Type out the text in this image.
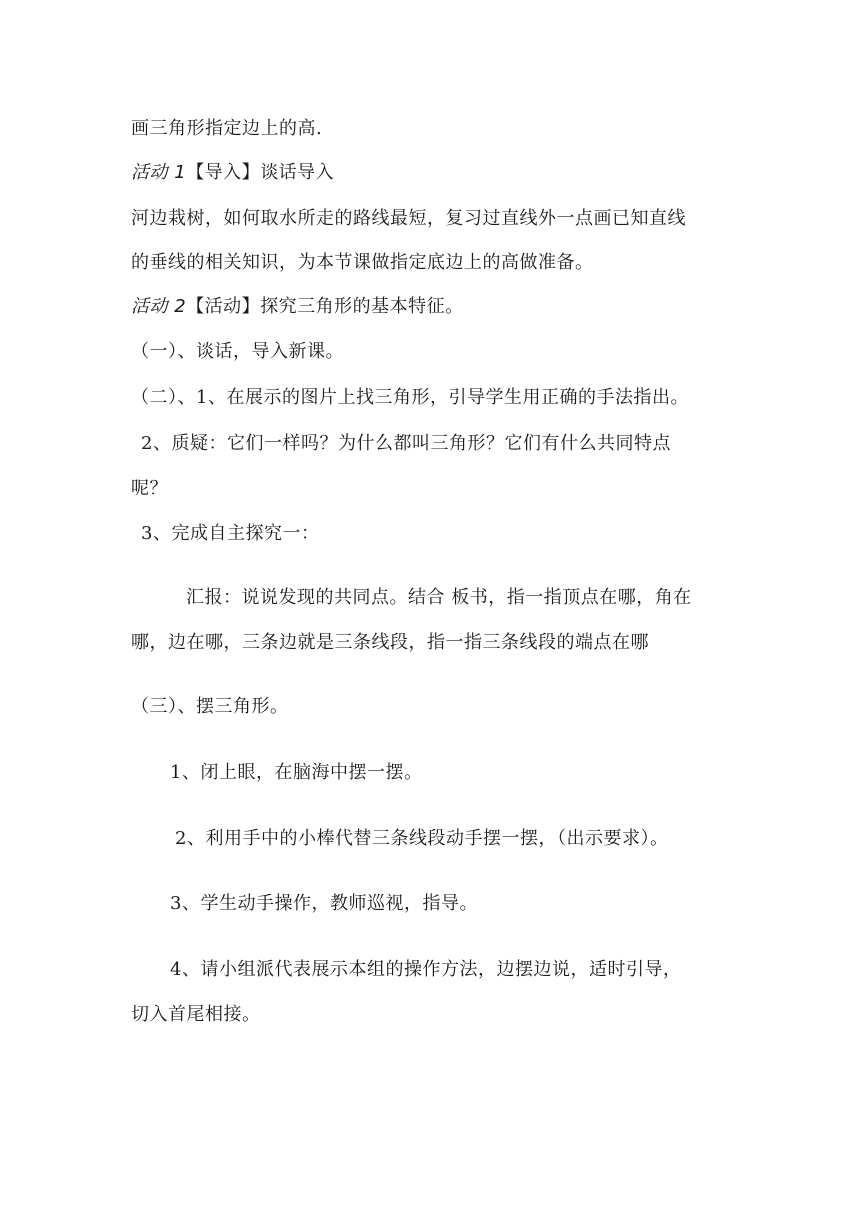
画三角形指定边上的高.
活动 1【导入】谈话导入
河边栽树，如何取水所走的路线最短，复习过直线外一点画已知直线
的垂线的相关知识，为本节课做指定底边上的高做准备。
活动 2【活动】探究三角形的基本特征。
（一）、谈话，导入新课。
（二）、1、在展示的图片上找三角形，引导学生用正确的手法指出。
2、质疑：它们一样吗？为什么都叫三角形？它们有什么共同特点
呢？
3、完成自主探究一：
汇报：说说发现的共同点。结合 板书，指一指顶点在哪，角在
哪，边在哪，三条边就是三条线段，指一指三条线段的端点在哪
（三）、摆三角形。
1、闭上眼，在脑海中摆一摆。
2、利用手中的小棒代替三条线段动手摆一摆，（出示要求）。
3、学生动手操作，教师巡视，指导。
4、请小组派代表展示本组的操作方法，边摆边说，适时引导，
切入首尾相接。
